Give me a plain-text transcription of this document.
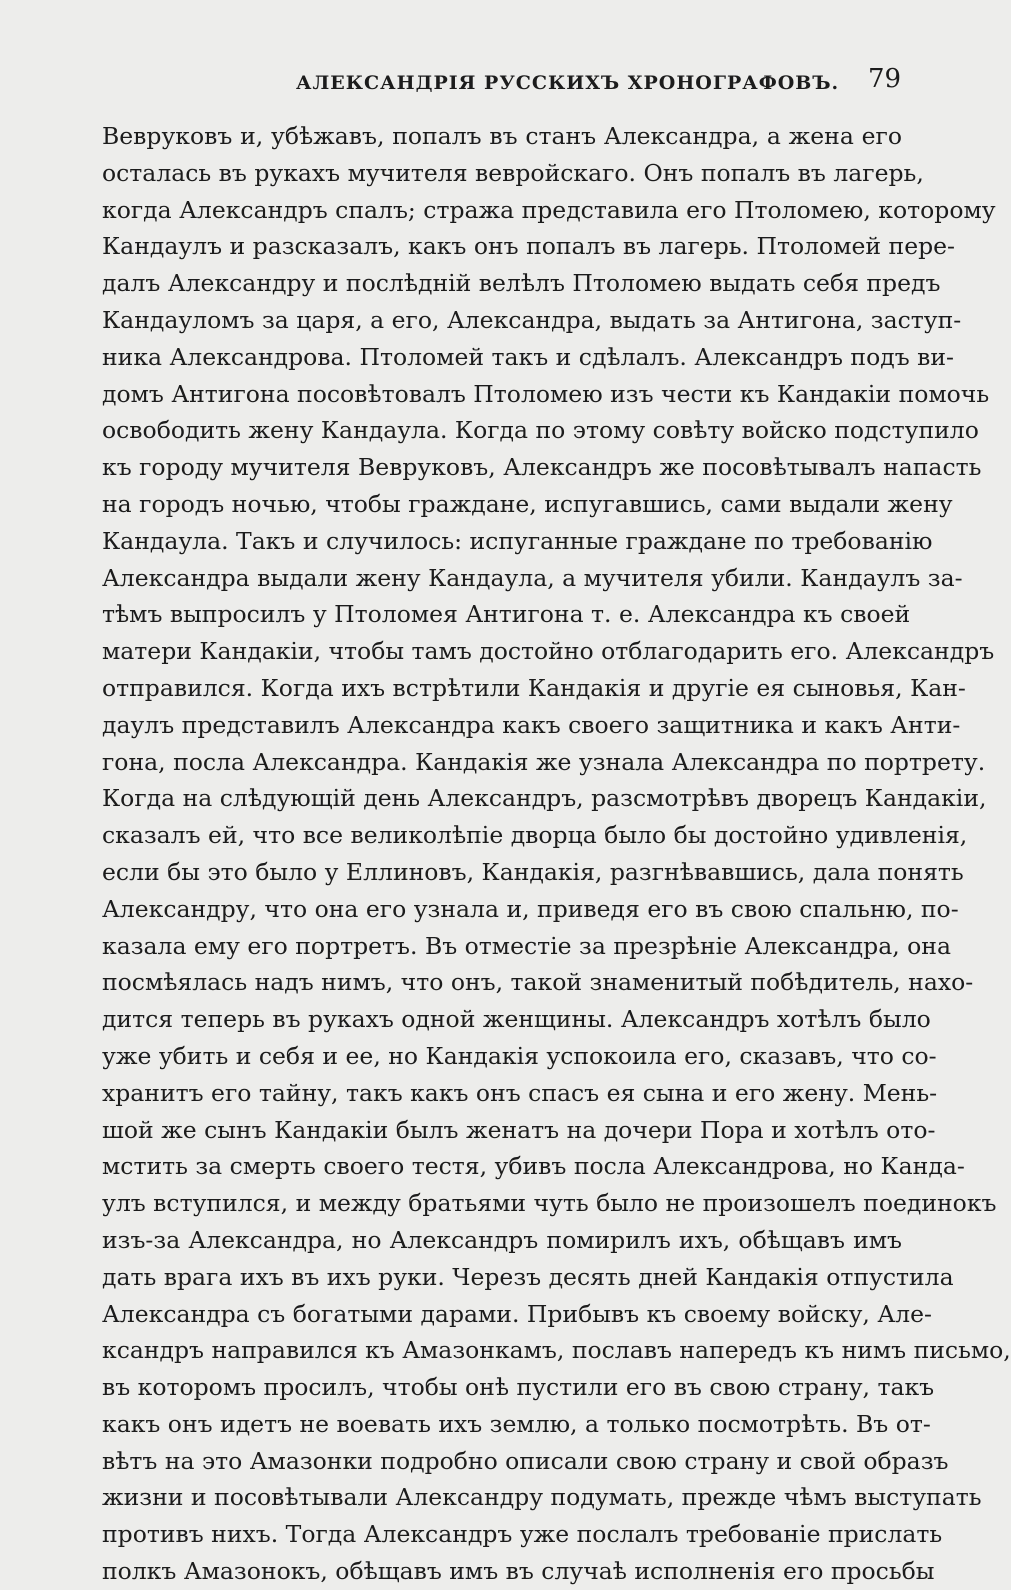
АЛЕКСАНДРІЯ РУССКИХЪ ХРОНОГРАФОВЪ. 79
Вевруковъ и, убѣжавъ, попалъ въ станъ Александра, а жена его
осталась въ рукахъ мучителя вевройскаго. Онъ попалъ въ лагерь,
когда Александръ спалъ; стража представила его Птоломею, которому
Кандаулъ и разсказалъ, какъ онъ попалъ въ лагерь. Птоломей пере-
далъ Александру и послѣдній велѣлъ Птоломею выдать себя предъ
Кандауломъ за царя, а его, Александра, выдать за Антигона, заступ-
ника Александрова. Птоломей такъ и сдѣлалъ. Александръ подъ ви-
домъ Антигона посовѣтовалъ Птоломею изъ чести къ Кандакіи помочь
освободить жену Кандаула. Когда по этому совѣту войско подступило
къ городу мучителя Вевруковъ, Александръ же посовѣтывалъ напасть
на городъ ночью, чтобы граждане, испугавшись, сами выдали жену
Кандаула. Такъ и случилось: испуганные граждане по требованію
Александра выдали жену Кандаула, а мучителя убили. Кандаулъ за-
тѣмъ выпросилъ у Птоломея Антигона т. е. Александра къ своей
матери Кандакіи, чтобы тамъ достойно отблагодарить его. Александръ
отправился. Когда ихъ встрѣтили Кандакія и другіе ея сыновья, Кан-
даулъ представилъ Александра какъ своего защитника и какъ Анти-
гона, посла Александра. Кандакія же узнала Александра по портрету.
Когда на слѣдующій день Александръ, разсмотрѣвъ дворецъ Кандакіи,
сказалъ ей, что все великолѣпіе дворца было бы достойно удивленія,
если бы это было у Еллиновъ, Кандакія, разгнѣвавшись, дала понять
Александру, что она его узнала и, приведя его въ свою спальню, по-
казала ему его портретъ. Въ отместіе за презрѣніе Александра, она
посмѣялась надъ нимъ, что онъ, такой знаменитый побѣдитель, нахо-
дится теперь въ рукахъ одной женщины. Александръ хотѣлъ было
уже убить и себя и ее, но Кандакія успокоила его, сказавъ, что со-
хранитъ его тайну, такъ какъ онъ спасъ ея сына и его жену. Мень-
шой же сынъ Кандакіи былъ женатъ на дочери Пора и хотѣлъ ото-
мстить за смерть своего тестя, убивъ посла Александрова, но Канда-
улъ вступился, и между братьями чуть было не произошелъ поединокъ
изъ-за Александра, но Александръ помирилъ ихъ, обѣщавъ имъ
дать врага ихъ въ ихъ руки. Черезъ десять дней Кандакія отпустила
Александра съ богатыми дарами. Прибывъ къ своему войску, Але-
ксандръ направился къ Амазонкамъ, пославъ напередъ къ нимъ письмо,
въ которомъ просилъ, чтобы онѣ пустили его въ свою страну, такъ
какъ онъ идетъ не воевать ихъ землю, а только посмотрѣть. Въ от-
вѣтъ на это Амазонки подробно описали свою страну и свой образъ
жизни и посовѣтывали Александру подумать, прежде чѣмъ выступать
противъ нихъ. Тогда Александръ уже послалъ требованіе прислать
полкъ Амазонокъ, обѣщавъ имъ въ случаѣ исполненія его просьбы
